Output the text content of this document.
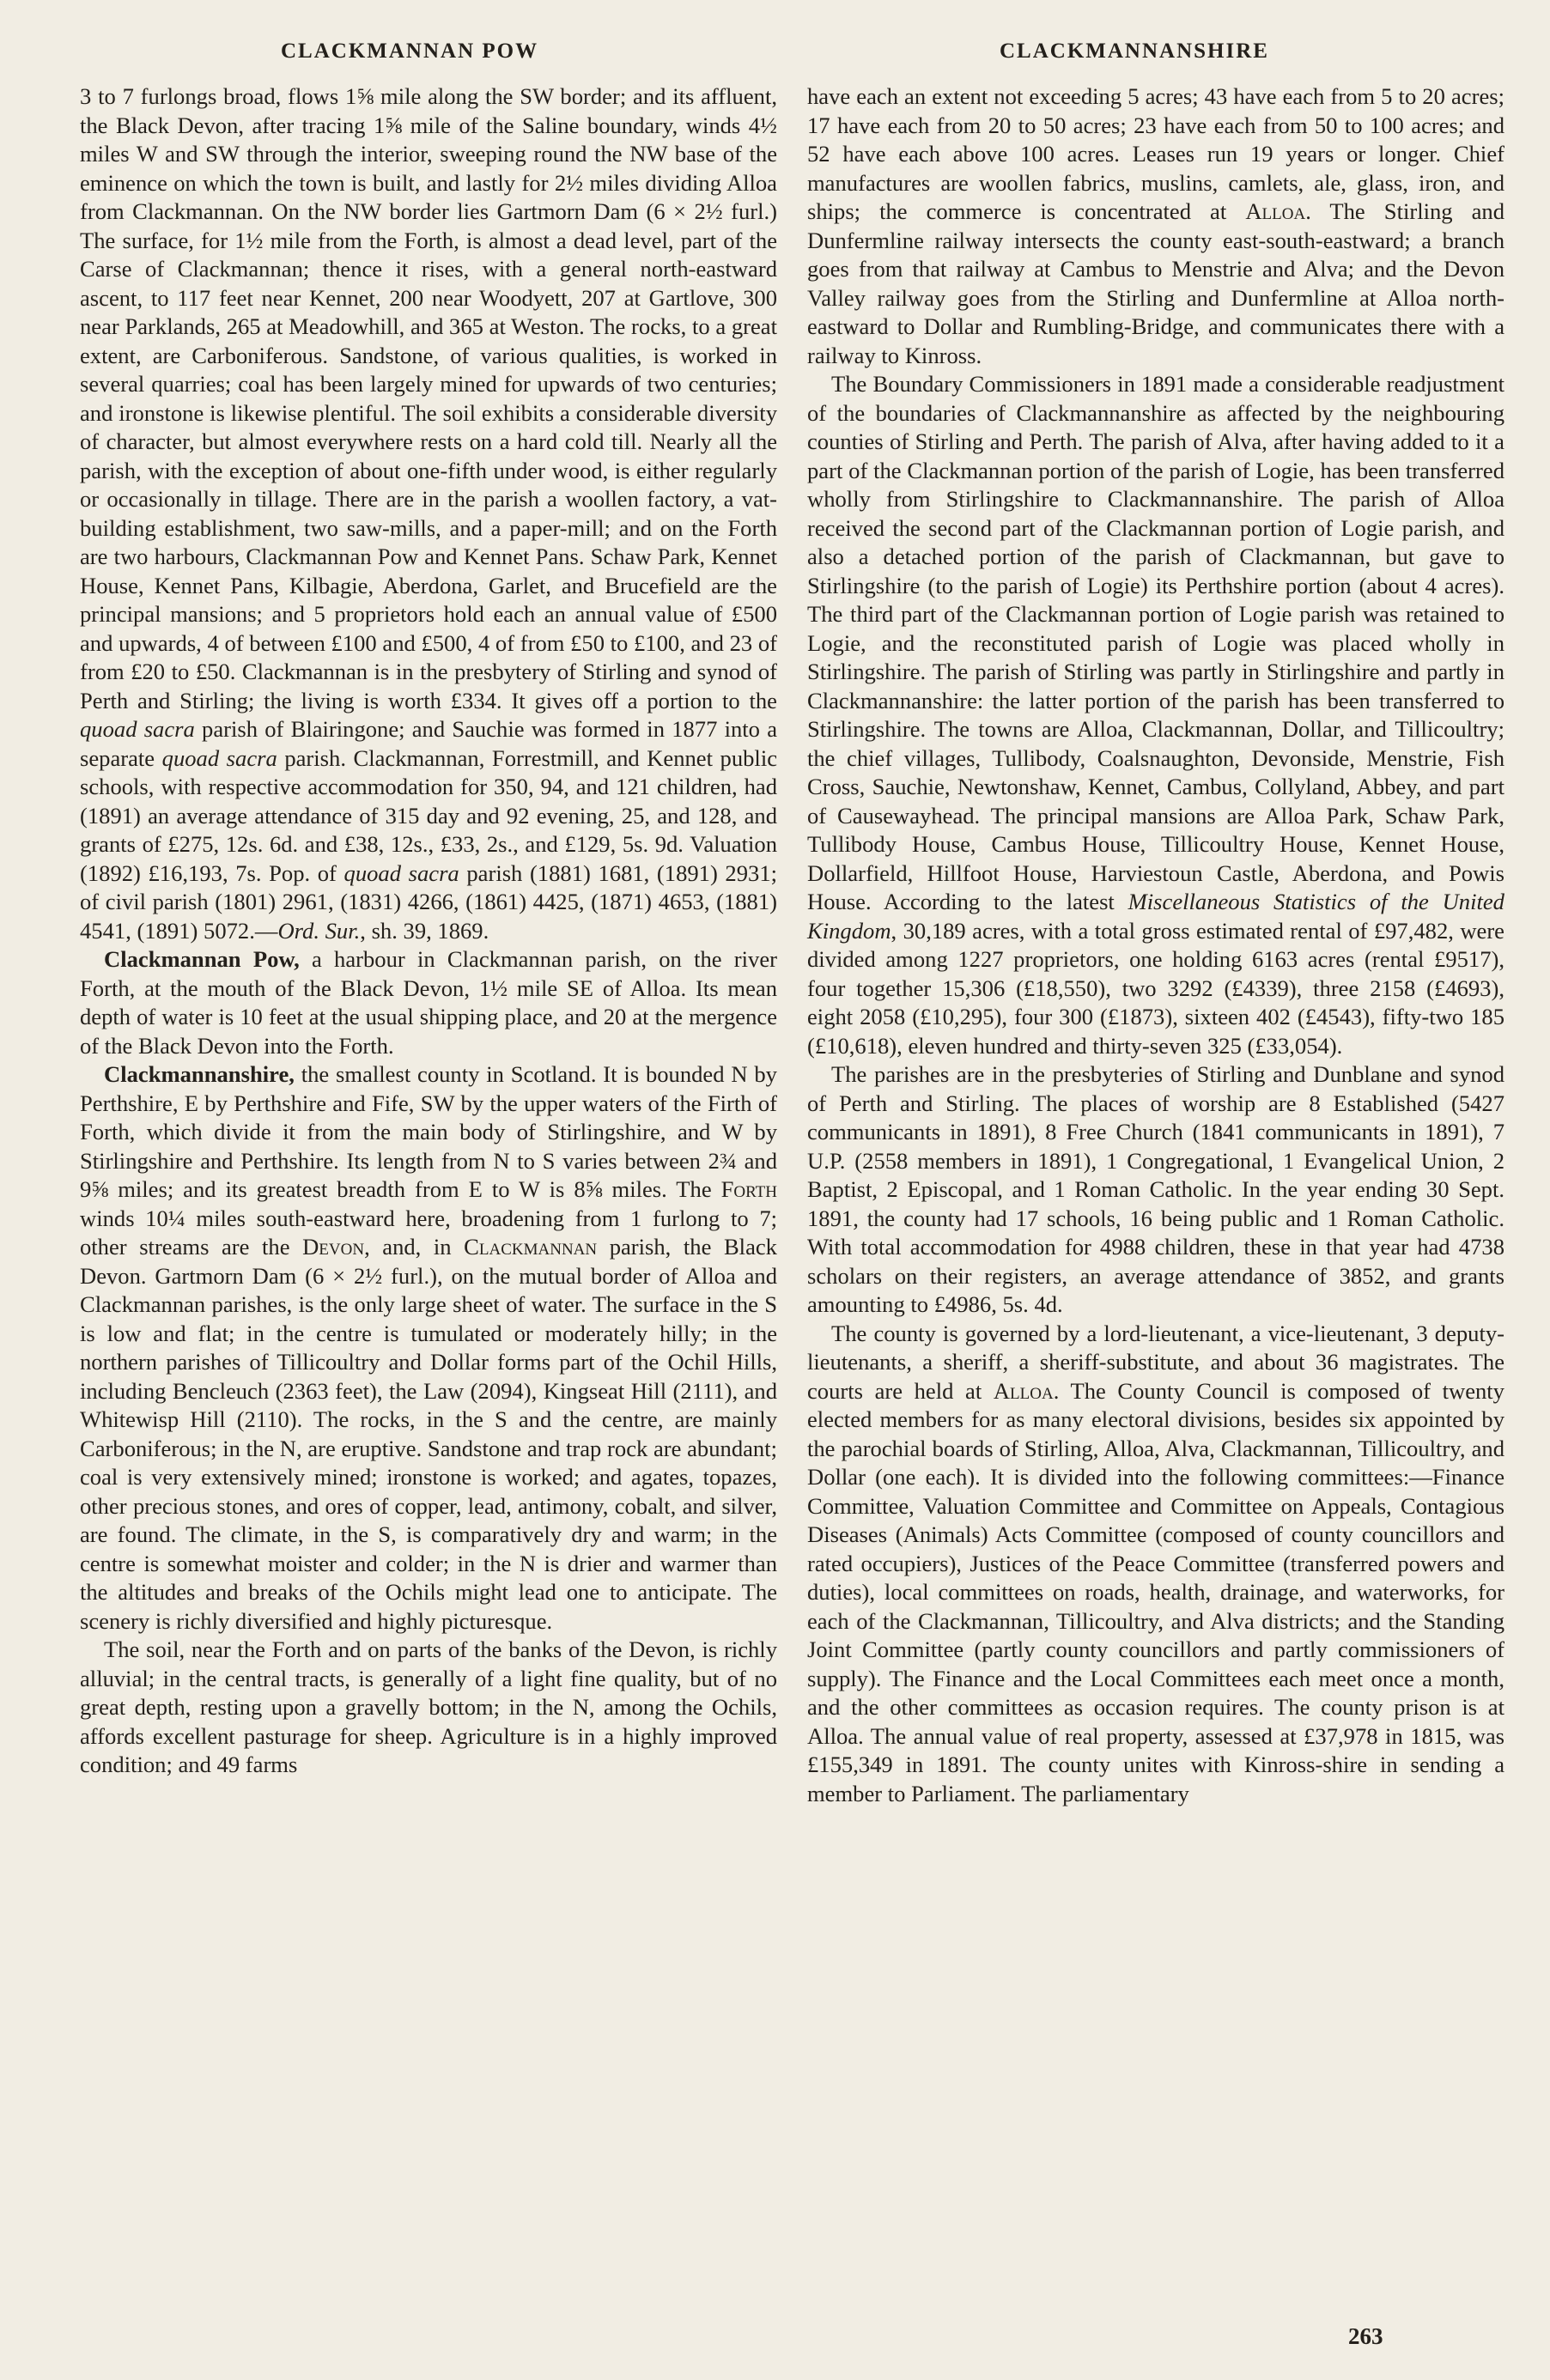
CLACKMANNAN POW	CLACKMANNANSHIRE

3 to 7 furlongs broad, flows 1⅝ mile along the SW border; and its affluent, the Black Devon, after tracing 1⅝ mile of the Saline boundary, winds 4½ miles W and SW through the interior, sweeping round the NW base of the eminence on which the town is built, and lastly for 2½ miles dividing Alloa from Clackmannan. On the NW border lies Gartmorn Dam (6 × 2½ furl.) The surface, for 1½ mile from the Forth, is almost a dead level, part of the Carse of Clackmannan; thence it rises, with a general north-eastward ascent, to 117 feet near Kennet, 200 near Woodyett, 207 at Gartlove, 300 near Parklands, 265 at Meadowhill, and 365 at Weston. The rocks, to a great extent, are Carboniferous. Sandstone, of various qualities, is worked in several quarries; coal has been largely mined for upwards of two centuries; and ironstone is likewise plentiful. The soil exhibits a considerable diversity of character, but almost everywhere rests on a hard cold till. Nearly all the parish, with the exception of about one-fifth under wood, is either regularly or occasionally in tillage. There are in the parish a woollen factory, a vat-building establishment, two saw-mills, and a paper-mill; and on the Forth are two harbours, Clackmannan Pow and Kennet Pans. Schaw Park, Kennet House, Kennet Pans, Kilbagie, Aberdona, Garlet, and Brucefield are the principal mansions; and 5 proprietors hold each an annual value of £500 and upwards, 4 of between £100 and £500, 4 of from £50 to £100, and 23 of from £20 to £50. Clackmannan is in the presbytery of Stirling and synod of Perth and Stirling; the living is worth £334. It gives off a portion to the quoad sacra parish of Blairingone; and Sauchie was formed in 1877 into a separate quoad sacra parish. Clackmannan, Forrestmill, and Kennet public schools, with respective accommodation for 350, 94, and 121 children, had (1891) an average attendance of 315 day and 92 evening, 25, and 128, and grants of £275, 12s. 6d. and £38, 12s., £33, 2s., and £129, 5s. 9d. Valuation (1892) £16,193, 7s. Pop. of quoad sacra parish (1881) 1681, (1891) 2931; of civil parish (1801) 2961, (1831) 4266, (1861) 4425, (1871) 4653, (1881) 4541, (1891) 5072.—Ord. Sur., sh. 39, 1869.

Clackmannan Pow, a harbour in Clackmannan parish, on the river Forth, at the mouth of the Black Devon, 1½ mile SE of Alloa. Its mean depth of water is 10 feet at the usual shipping place, and 20 at the mergence of the Black Devon into the Forth.

Clackmannanshire, the smallest county in Scotland. It is bounded N by Perthshire, E by Perthshire and Fife, SW by the upper waters of the Firth of Forth, which divide it from the main body of Stirlingshire, and W by Stirlingshire and Perthshire. Its length from N to S varies between 2¾ and 9⅝ miles; and its greatest breadth from E to W is 8⅝ miles. The Forth winds 10¼ miles south-eastward here, broadening from 1 furlong to 7; other streams are the Devon, and, in Clackmannan parish, the Black Devon. Gartmorn Dam (6 × 2½ furl.), on the mutual border of Alloa and Clackmannan parishes, is the only large sheet of water. The surface in the S is low and flat; in the centre is tumulated or moderately hilly; in the northern parishes of Tillicoultry and Dollar forms part of the Ochil Hills, including Bencleuch (2363 feet), the Law (2094), Kingseat Hill (2111), and Whitewisp Hill (2110). The rocks, in the S and the centre, are mainly Carboniferous; in the N, are eruptive. Sandstone and trap rock are abundant; coal is very extensively mined; ironstone is worked; and agates, topazes, other precious stones, and ores of copper, lead, antimony, cobalt, and silver, are found. The climate, in the S, is comparatively dry and warm; in the centre is somewhat moister and colder; in the N is drier and warmer than the altitudes and breaks of the Ochils might lead one to anticipate. The scenery is richly diversified and highly picturesque.

The soil, near the Forth and on parts of the banks of the Devon, is richly alluvial; in the central tracts, is generally of a light fine quality, but of no great depth, resting upon a gravelly bottom; in the N, among the Ochils, affords excellent pasturage for sheep. Agriculture is in a highly improved condition; and 49 farms

have each an extent not exceeding 5 acres; 43 have each from 5 to 20 acres; 17 have each from 20 to 50 acres; 23 have each from 50 to 100 acres; and 52 have each above 100 acres. Leases run 19 years or longer. Chief manufactures are woollen fabrics, muslins, camlets, ale, glass, iron, and ships; the commerce is concentrated at Alloa. The Stirling and Dunfermline railway intersects the county east-south-eastward; a branch goes from that railway at Cambus to Menstrie and Alva; and the Devon Valley railway goes from the Stirling and Dunfermline at Alloa north-eastward to Dollar and Rumbling-Bridge, and communicates there with a railway to Kinross.

The Boundary Commissioners in 1891 made a considerable readjustment of the boundaries of Clackmannanshire as affected by the neighbouring counties of Stirling and Perth. The parish of Alva, after having added to it a part of the Clackmannan portion of the parish of Logie, has been transferred wholly from Stirlingshire to Clackmannanshire. The parish of Alloa received the second part of the Clackmannan portion of Logie parish, and also a detached portion of the parish of Clackmannan, but gave to Stirlingshire (to the parish of Logie) its Perthshire portion (about 4 acres). The third part of the Clackmannan portion of Logie parish was retained to Logie, and the reconstituted parish of Logie was placed wholly in Stirlingshire. The parish of Stirling was partly in Stirlingshire and partly in Clackmannanshire: the latter portion of the parish has been transferred to Stirlingshire. The towns are Alloa, Clackmannan, Dollar, and Tillicoultry; the chief villages, Tullibody, Coalsnaughton, Devonside, Menstrie, Fish Cross, Sauchie, Newtonshaw, Kennet, Cambus, Collyland, Abbey, and part of Causewayhead. The principal mansions are Alloa Park, Schaw Park, Tullibody House, Cambus House, Tillicoultry House, Kennet House, Dollarfield, Hillfoot House, Harviestoun Castle, Aberdona, and Powis House. According to the latest Miscellaneous Statistics of the United Kingdom, 30,189 acres, with a total gross estimated rental of £97,482, were divided among 1227 proprietors, one holding 6163 acres (rental £9517), four together 15,306 (£18,550), two 3292 (£4339), three 2158 (£4693), eight 2058 (£10,295), four 300 (£1873), sixteen 402 (£4543), fifty-two 185 (£10,618), eleven hundred and thirty-seven 325 (£33,054).

The parishes are in the presbyteries of Stirling and Dunblane and synod of Perth and Stirling. The places of worship are 8 Established (5427 communicants in 1891), 8 Free Church (1841 communicants in 1891), 7 U.P. (2558 members in 1891), 1 Congregational, 1 Evangelical Union, 2 Baptist, 2 Episcopal, and 1 Roman Catholic. In the year ending 30 Sept. 1891, the county had 17 schools, 16 being public and 1 Roman Catholic. With total accommodation for 4988 children, these in that year had 4738 scholars on their registers, an average attendance of 3852, and grants amounting to £4986, 5s. 4d.

The county is governed by a lord-lieutenant, a vice-lieutenant, 3 deputy-lieutenants, a sheriff, a sheriff-substitute, and about 36 magistrates. The courts are held at Alloa. The County Council is composed of twenty elected members for as many electoral divisions, besides six appointed by the parochial boards of Stirling, Alloa, Alva, Clackmannan, Tillicoultry, and Dollar (one each). It is divided into the following committees:—Finance Committee, Valuation Committee and Committee on Appeals, Contagious Diseases (Animals) Acts Committee (composed of county councillors and rated occupiers), Justices of the Peace Committee (transferred powers and duties), local committees on roads, health, drainage, and waterworks, for each of the Clackmannan, Tillicoultry, and Alva districts; and the Standing Joint Committee (partly county councillors and partly commissioners of supply). The Finance and the Local Committees each meet once a month, and the other committees as occasion requires. The county prison is at Alloa. The annual value of real property, assessed at £37,978 in 1815, was £155,349 in 1891. The county unites with Kinross-shire in sending a member to Parliament. The parliamentary

263
